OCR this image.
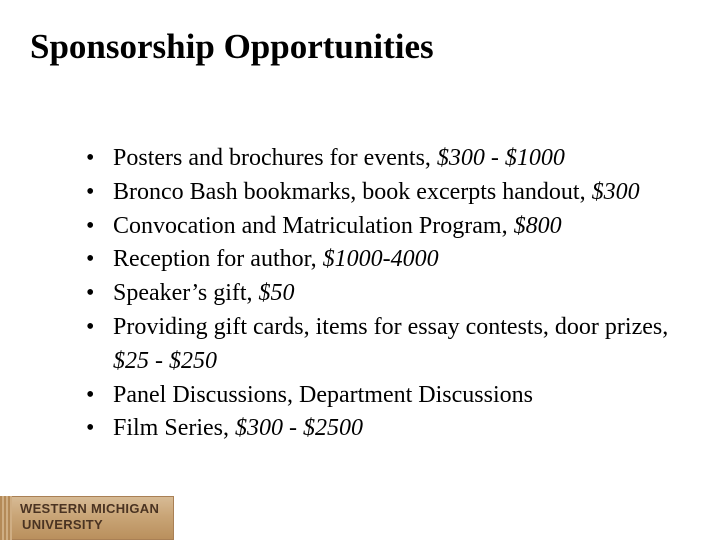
Sponsorship Opportunities
• Posters and brochures for events, $300 - $1000
• Bronco Bash bookmarks, book excerpts handout, $300
• Convocation and Matriculation Program, $800
• Reception for author, $1000-4000
• Speaker’s gift, $50
• Providing gift cards, items for essay contests, door prizes, $25 - $250
• Panel Discussions, Department Discussions
• Film Series, $300 - $2500
WESTERN MICHIGAN
UNIVERSITY
